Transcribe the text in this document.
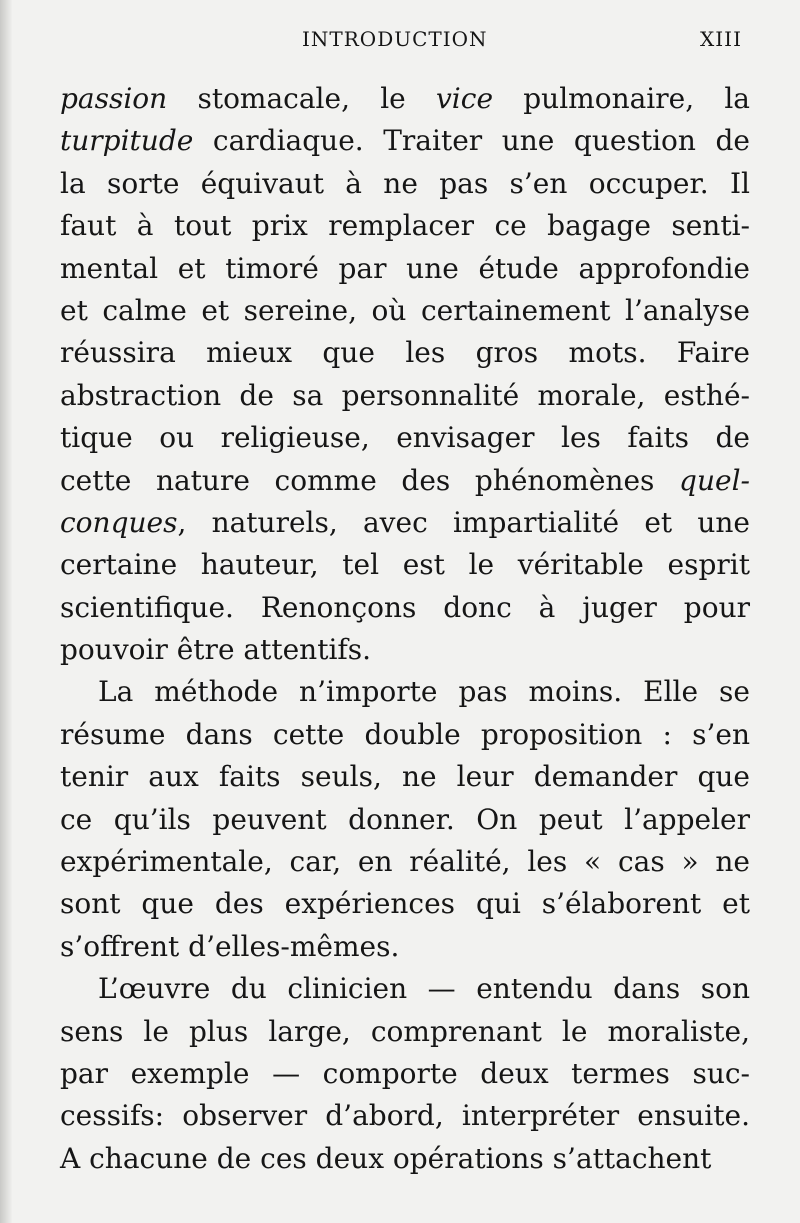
INTRODUCTION	XIII
passion stomacale, le vice pulmonaire, la
turpitude cardiaque. Traiter une question de
la sorte équivaut à ne pas s’en occuper. Il
faut à tout prix remplacer ce bagage senti-
mental et timoré par une étude approfondie
et calme et sereine, où certainement l’analyse
réussira mieux que les gros mots. Faire
abstraction de sa personnalité morale, esthé-
tique ou religieuse, envisager les faits de
cette nature comme des phénomènes quel-
conques, naturels, avec impartialité et une
certaine hauteur, tel est le véritable esprit
scientifique. Renonçons donc à juger pour
pouvoir être attentifs.
La méthode n’importe pas moins. Elle se
résume dans cette double proposition : s’en
tenir aux faits seuls, ne leur demander que
ce qu’ils peuvent donner. On peut l’appeler
expérimentale, car, en réalité, les « cas » ne
sont que des expériences qui s’élaborent et
s’offrent d’elles-mêmes.
L’œuvre du clinicien — entendu dans son
sens le plus large, comprenant le moraliste,
par exemple — comporte deux termes suc-
cessifs: observer d’abord, interpréter ensuite.
A chacune de ces deux opérations s’attachent
